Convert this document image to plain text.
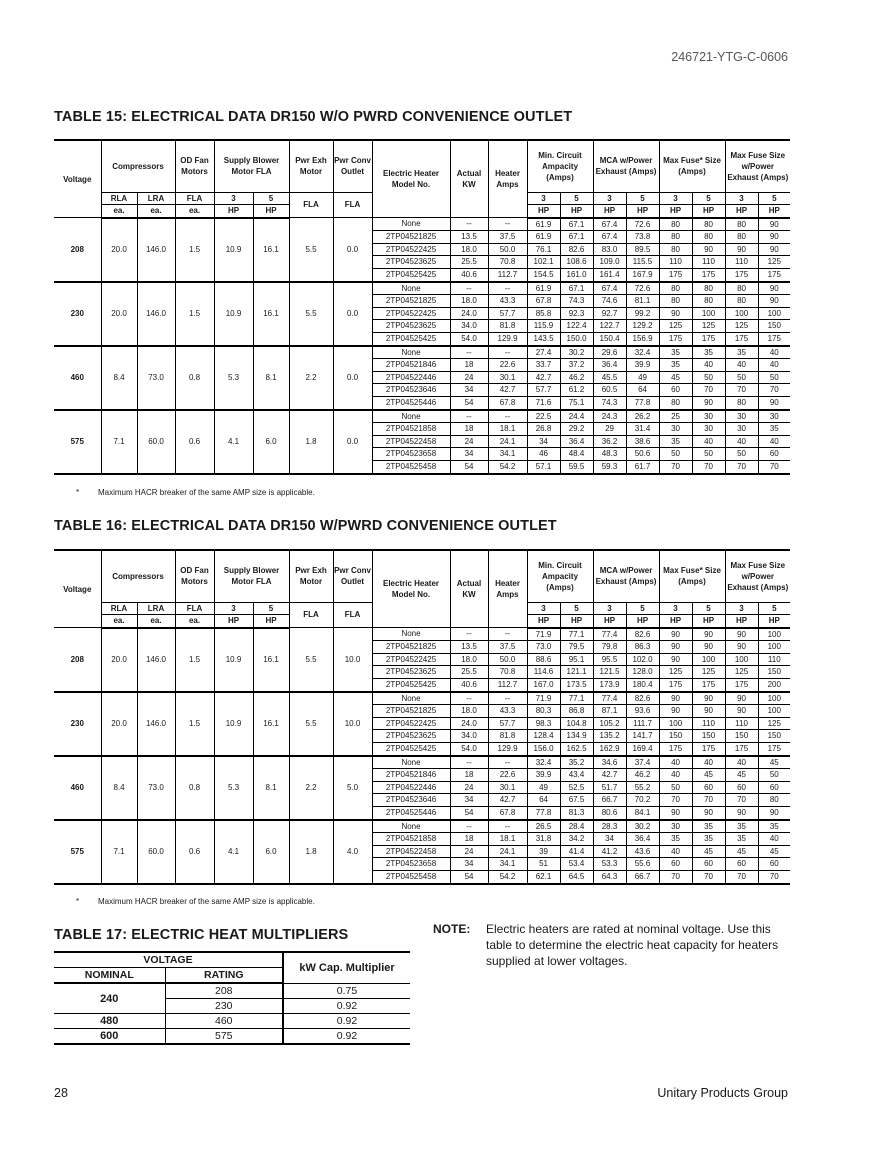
246721-YTG-C-0606
TABLE 15: ELECTRICAL DATA DR150 W/O PWRD CONVENIENCE OUTLET
Voltage	Compressors		OD Fan Motors	Supply Blower Motor FLA		Pwr Exh Motor	Pwr Conv Outlet	Electric Heater Model No.	Actual KW	Heater Amps	Min. Circuit Ampacity (Amps)		MCA w/Power Exhaust (Amps)		Max Fuse* Size (Amps)		Max Fuse Size w/Power Exhaust (Amps)	
	RLA	LRA	FLA	3	5	FLA	FLA				3	5	3	5	3	5	3	5
	ea.	ea.	ea.	HP	HP						HP	HP	HP	HP	HP	HP	HP	HP
208	20.0	146.0	1.5	10.9	16.1	5.5	0.0	None	--	--	61.9	67.1	67.4	72.6	80	80	80	90
								2TP04521825	13.5	37.5	61.9	67.1	67.4	73.8	80	80	80	90
								2TP04522425	18.0	50.0	76.1	82.6	83.0	89.5	80	90	90	90
								2TP04523625	25.5	70.8	102.1	108.6	109.0	115.5	110	110	110	125
								2TP04525425	40.6	112.7	154.5	161.0	161.4	167.9	175	175	175	175
230	20.0	146.0	1.5	10.9	16.1	5.5	0.0	None	--	--	61.9	67.1	67.4	72.6	80	80	80	90
								2TP04521825	18.0	43.3	67.8	74.3	74.6	81.1	80	80	80	90
								2TP04522425	24.0	57.7	85.8	92.3	92.7	99.2	90	100	100	100
								2TP04523625	34.0	81.8	115.9	122.4	122.7	129.2	125	125	125	150
								2TP04525425	54.0	129.9	143.5	150.0	150.4	156.9	175	175	175	175
460	8.4	73.0	0.8	5.3	8.1	2.2	0.0	None	--	--	27.4	30.2	29.6	32.4	35	35	35	40
								2TP04521846	18	22.6	33.7	37.2	36.4	39.9	35	40	40	40
								2TP04522446	24	30.1	42.7	46.2	45.5	49	45	50	50	50
								2TP04523646	34	42.7	57.7	61.2	60.5	64	60	70	70	70
								2TP04525446	54	67.8	71.6	75.1	74.3	77.8	80	90	80	90
575	7.1	60.0	0.6	4.1	6.0	1.8	0.0	None	--	--	22.5	24.4	24.3	26.2	25	30	30	30
								2TP04521858	18	18.1	26.8	29.2	29	31.4	30	30	30	35
								2TP04522458	24	24.1	34	36.4	36.2	38.6	35	40	40	40
								2TP04523658	34	34.1	46	48.4	48.3	50.6	50	50	50	60
								2TP04525458	54	54.2	57.1	59.5	59.3	61.7	70	70	70	70
* Maximum HACR breaker of the same AMP size is applicable.
TABLE 16: ELECTRICAL DATA DR150 W/PWRD CONVENIENCE OUTLET
Voltage	Compressors		OD Fan Motors	Supply Blower Motor FLA		Pwr Exh Motor	Pwr Conv Outlet	Electric Heater Model No.	Actual KW	Heater Amps	Min. Circuit Ampacity (Amps)		MCA w/Power Exhaust (Amps)		Max Fuse* Size (Amps)		Max Fuse Size w/Power Exhaust (Amps)	
	RLA	LRA	FLA	3	5	FLA	FLA				3	5	3	5	3	5	3	5
	ea.	ea.	ea.	HP	HP						HP	HP	HP	HP	HP	HP	HP	HP
208	20.0	146.0	1.5	10.9	16.1	5.5	10.0	None	--	--	71.9	77.1	77.4	82.6	90	90	90	100
								2TP04521825	13.5	37.5	73.0	79.5	79.8	86.3	90	90	90	100
								2TP04522425	18.0	50.0	88.6	95.1	95.5	102.0	90	100	100	110
								2TP04523625	25.5	70.8	114.6	121.1	121.5	128.0	125	125	125	150
								2TP04525425	40.6	112.7	167.0	173.5	173.9	180.4	175	175	175	200
230	20.0	146.0	1.5	10.9	16.1	5.5	10.0	None	--	--	71.9	77.1	77.4	82.6	90	90	90	100
								2TP04521825	18.0	43.3	80.3	86.8	87.1	93.6	90	90	90	100
								2TP04522425	24.0	57.7	98.3	104.8	105.2	111.7	100	110	110	125
								2TP04523625	34.0	81.8	128.4	134.9	135.2	141.7	150	150	150	150
								2TP04525425	54.0	129.9	156.0	162.5	162.9	169.4	175	175	175	175
460	8.4	73.0	0.8	5.3	8.1	2.2	5.0	None	--	--	32.4	35.2	34.6	37.4	40	40	40	45
								2TP04521846	18	22.6	39.9	43.4	42.7	46.2	40	45	45	50
								2TP04522446	24	30.1	49	52.5	51.7	55.2	50	60	60	60
								2TP04523646	34	42.7	64	67.5	66.7	70.2	70	70	70	80
								2TP04525446	54	67.8	77.8	81.3	80.6	84.1	90	90	90	90
575	7.1	60.0	0.6	4.1	6.0	1.8	4.0	None	--	--	26.5	28.4	28.3	30.2	30	35	35	35
								2TP04521858	18	18.1	31.8	34.2	34	36.4	35	35	35	40
								2TP04522458	24	24.1	39	41.4	41.2	43.6	40	45	45	45
								2TP04523658	34	34.1	51	53.4	53.3	55.6	60	60	60	60
								2TP04525458	54	54.2	62.1	64.5	64.3	66.7	70	70	70	70
* Maximum HACR breaker of the same AMP size is applicable.
TABLE 17: ELECTRIC HEAT MULTIPLIERS
VOLTAGE		kW Cap. Multiplier
NOMINAL	RATING	
240	208	0.75
	230	0.92
480	460	0.92
600	575	0.92
NOTE: Electric heaters are rated at nominal voltage. Use this table to determine the electric heat capacity for heaters supplied at lower voltages.
28	Unitary Products Group
